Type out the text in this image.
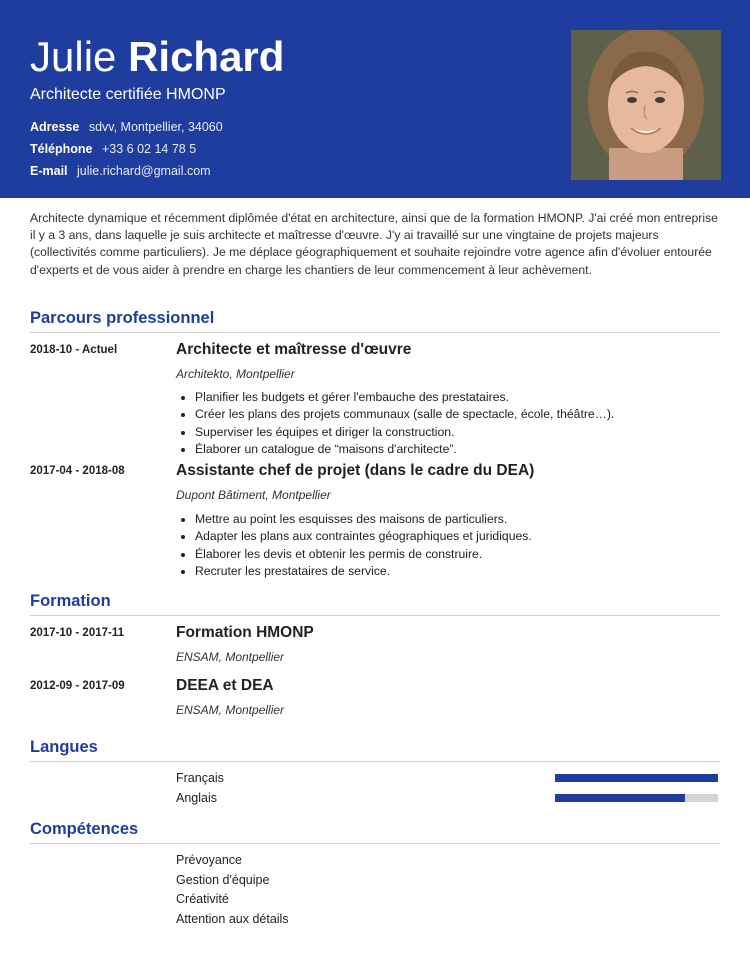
Julie Richard
Architecte certifiée HMONP
Adresse sdvv, Montpellier, 34060
Téléphone +33 6 02 14 78 5
E-mail julie.richard@gmail.com
Architecte dynamique et récemment diplômée d'état en architecture, ainsi que de la formation HMONP. J'ai créé mon entreprise il y a 3 ans, dans laquelle je suis architecte et maîtresse d'œuvre. J'y ai travaillé sur une vingtaine de projets majeurs (collectivités comme particuliers). Je me déplace géographiquement et souhaite rejoindre votre agence afin d'évoluer entourée d'experts et de vous aider à prendre en charge les chantiers de leur commencement à leur achèvement.
Parcours professionnel
2018-10 - Actuel	Architecte et maîtresse d'œuvre
Architekto, Montpellier
• Planifier les budgets et gérer l'embauche des prestataires.
• Créer les plans des projets communaux (salle de spectacle, école, théâtre…).
• Superviser les équipes et diriger la construction.
• Élaborer un catalogue de “maisons d'architecte”.
2017-04 - 2018-08	Assistante chef de projet (dans le cadre du DEA)
Dupont Bâtiment, Montpellier
• Mettre au point les esquisses des maisons de particuliers.
• Adapter les plans aux contraintes géographiques et juridiques.
• Élaborer les devis et obtenir les permis de construire.
• Recruter les prestataires de service.
Formation
2017-10 - 2017-11	Formation HMONP
ENSAM, Montpellier
2012-09 - 2017-09	DEEA et DEA
ENSAM, Montpellier
Langues
Français
Anglais
Compétences
Prévoyance
Gestion d'équipe
Créativité
Attention aux détails
